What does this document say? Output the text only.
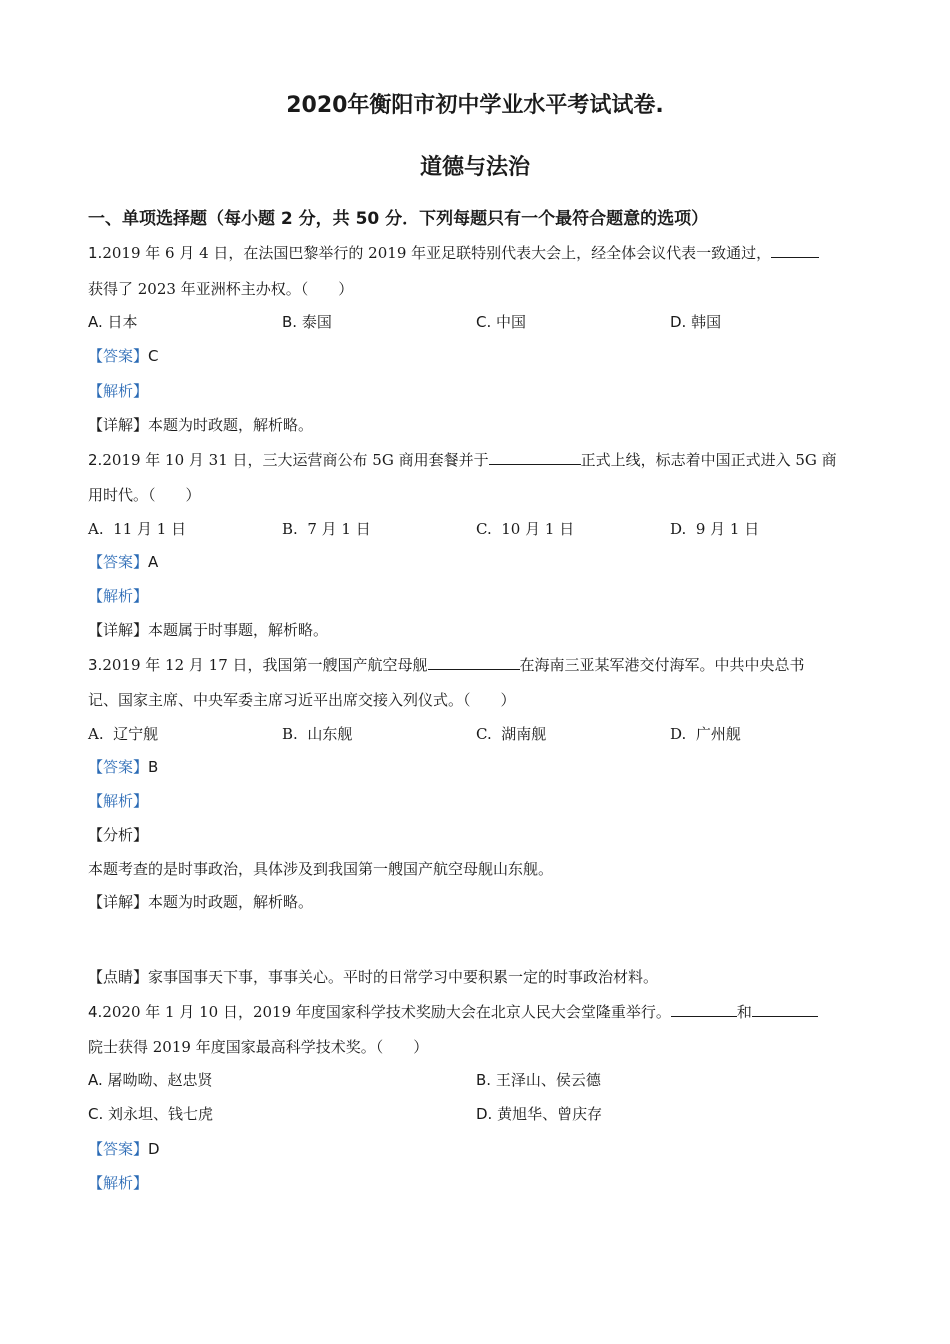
2020年衡阳市初中学业水平考试试卷.
道德与法治
一、单项选择题（每小题 2 分，共 50 分．下列每题只有一个最符合题意的选项）
1.2019 年 6 月 4 日，在法国巴黎举行的 2019 年亚足联特别代表大会上，经全体会议代表一致通过，
获得了 2023 年亚洲杯主办权。（　　）
A. 日本	B. 泰国	C. 中国	D. 韩国
【答案】C
【解析】
【详解】本题为时政题，解析略。
2.2019 年 10 月 31 日，三大运营商公布 5G 商用套餐并于	正式上线，标志着中国正式进入 5G 商
用时代。（　　）
A. 11 月 1 日	B. 7 月 1 日	C. 10 月 1 日	D. 9 月 1 日
【答案】A
【解析】
【详解】本题属于时事题，解析略。
3.2019 年 12 月 17 日，我国第一艘国产航空母舰	在海南三亚某军港交付海军。中共中央总书
记、国家主席、中央军委主席习近平出席交接入列仪式。（　　）
A. 辽宁舰	B. 山东舰	C. 湖南舰	D. 广州舰
【答案】B
【解析】
【分析】
本题考查的是时事政治，具体涉及到我国第一艘国产航空母舰山东舰。
【详解】本题为时政题，解析略。
【点睛】家事国事天下事，事事关心。平时的日常学习中要积累一定的时事政治材料。
4.2020 年 1 月 10 日，2019 年度国家科学技术奖励大会在北京人民大会堂隆重举行。	和
院士获得 2019 年度国家最高科学技术奖。（　　）
A. 屠呦呦、赵忠贤	B. 王泽山、侯云德
C. 刘永坦、钱七虎	D. 黄旭华、曾庆存
【答案】D
【解析】
